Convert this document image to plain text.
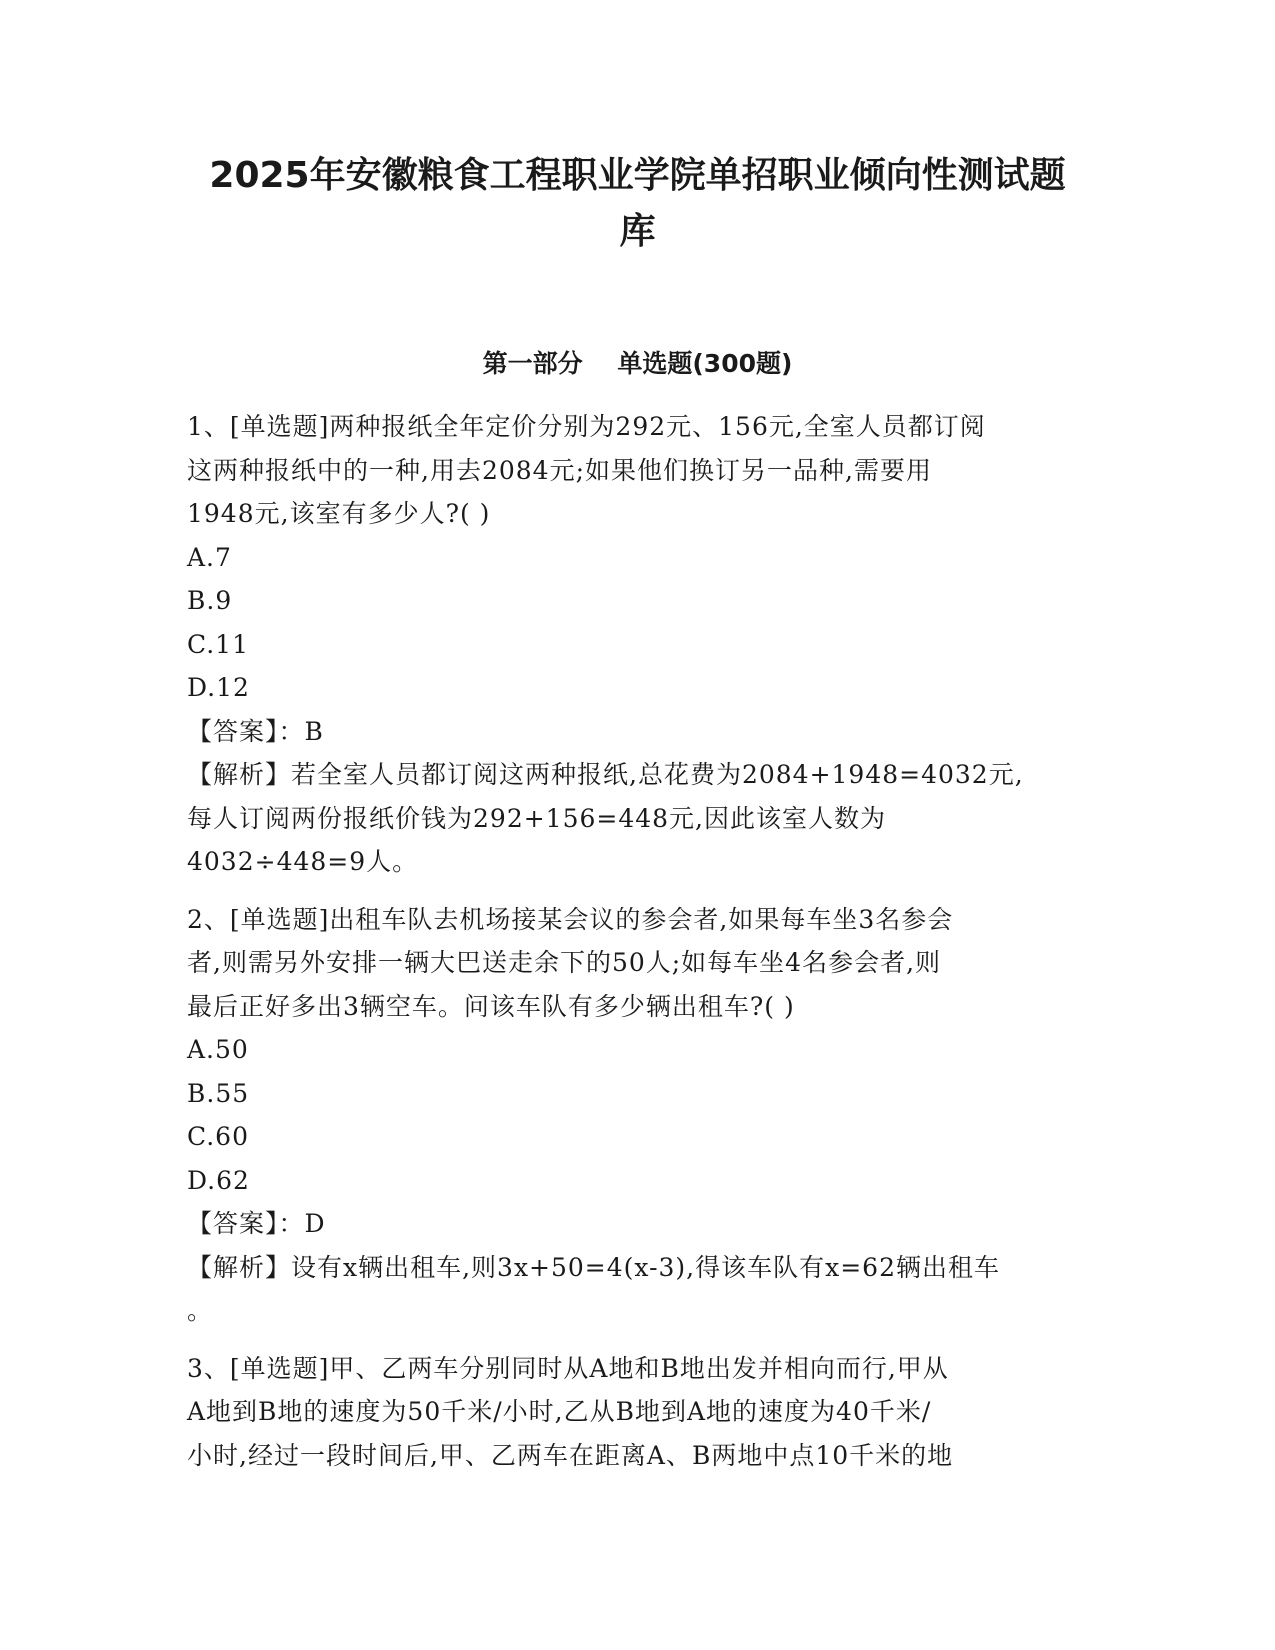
2025年安徽粮食工程职业学院单招职业倾向性测试题
库
第一部分    单选题(300题)

1、[单选题]两种报纸全年定价分别为292元、156元,全室人员都订阅

这两种报纸中的一种,用去2084元;如果他们换订另一品种,需要用

1948元,该室有多少人?( )

A.7

B.9

C.11

D.12

【答案】：B

【解析】若全室人员都订阅这两种报纸,总花费为2084+1948=4032元,

每人订阅两份报纸价钱为292+156=448元,因此该室人数为

4032÷448=9人。

2、[单选题]出租车队去机场接某会议的参会者,如果每车坐3名参会

者,则需另外安排一辆大巴送走余下的50人;如每车坐4名参会者,则

最后正好多出3辆空车。问该车队有多少辆出租车?( )

A.50

B.55

C.60

D.62

【答案】：D

【解析】设有x辆出租车,则3x+50=4(x-3),得该车队有x=62辆出租车

。

3、[单选题]甲、乙两车分别同时从A地和B地出发并相向而行,甲从

A地到B地的速度为50千米/小时,乙从B地到A地的速度为40千米/

小时,经过一段时间后,甲、乙两车在距离A、B两地中点10千米的地
